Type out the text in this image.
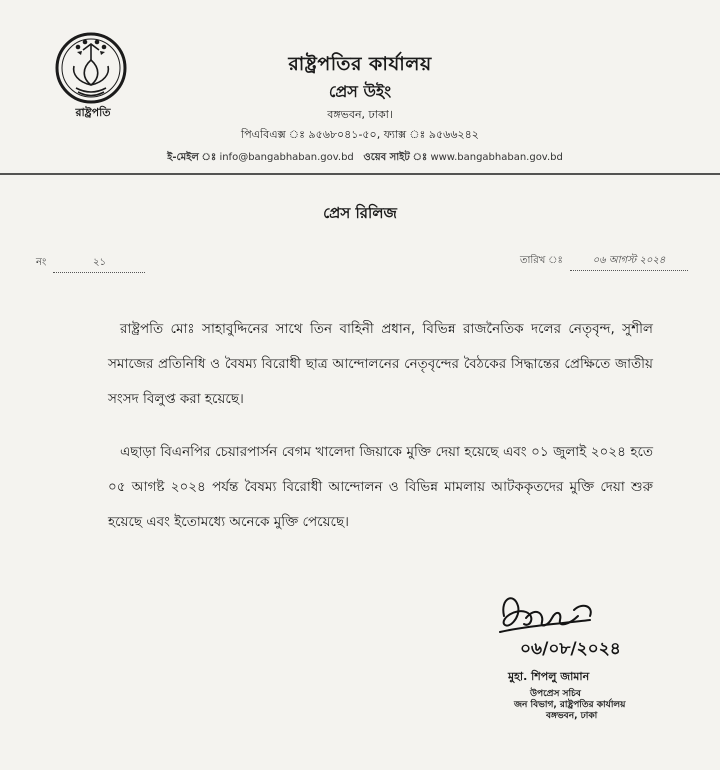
রাষ্ট্রপতি
রাষ্ট্রপতির কার্যালয়
প্রেস উইং
বঙ্গভবন, ঢাকা।
পিএবিএক্স ঃ ৯৫৬৮০৪১-৫০, ফ্যাক্স ঃ ৯৫৬৬২৪২
ই-মেইল ঃ info@bangabhaban.gov.bd ওয়েব সাইট ঃ www.bangabhaban.gov.bd
প্রেস রিলিজ
নং	২১	তারিখ ঃ	০৬ আগস্ট ২০২৪

রাষ্ট্রপতি মোঃ সাহাবুদ্দিনের সাথে তিন বাহিনী প্রধান, বিভিন্ন রাজনৈতিক দলের নেতৃবৃন্দ, সুশীল সমাজের প্রতিনিধি ও বৈষম্য বিরোধী ছাত্র আন্দোলনের নেতৃবৃন্দের বৈঠকের সিদ্ধান্তের প্রেক্ষিতে জাতীয় সংসদ বিলুপ্ত করা হয়েছে।

এছাড়া বিএনপির চেয়ারপার্সন বেগম খালেদা জিয়াকে মুক্তি দেয়া হয়েছে এবং ০১ জুলাই ২০২৪ হতে ০৫ আগষ্ট ২০২৪ পর্যন্ত বৈষম্য বিরোধী আন্দোলন ও বিভিন্ন মামলায় আটককৃতদের মুক্তি দেয়া শুরু হয়েছে এবং ইতোমধ্যে অনেকে মুক্তি পেয়েছে।

০৬/০৮/২০২৪
মুহা. শিপলু জামান
উপপ্রেস সচিব
জন বিভাগ, রাষ্ট্রপতির কার্যালয়
বঙ্গভবন, ঢাকা
